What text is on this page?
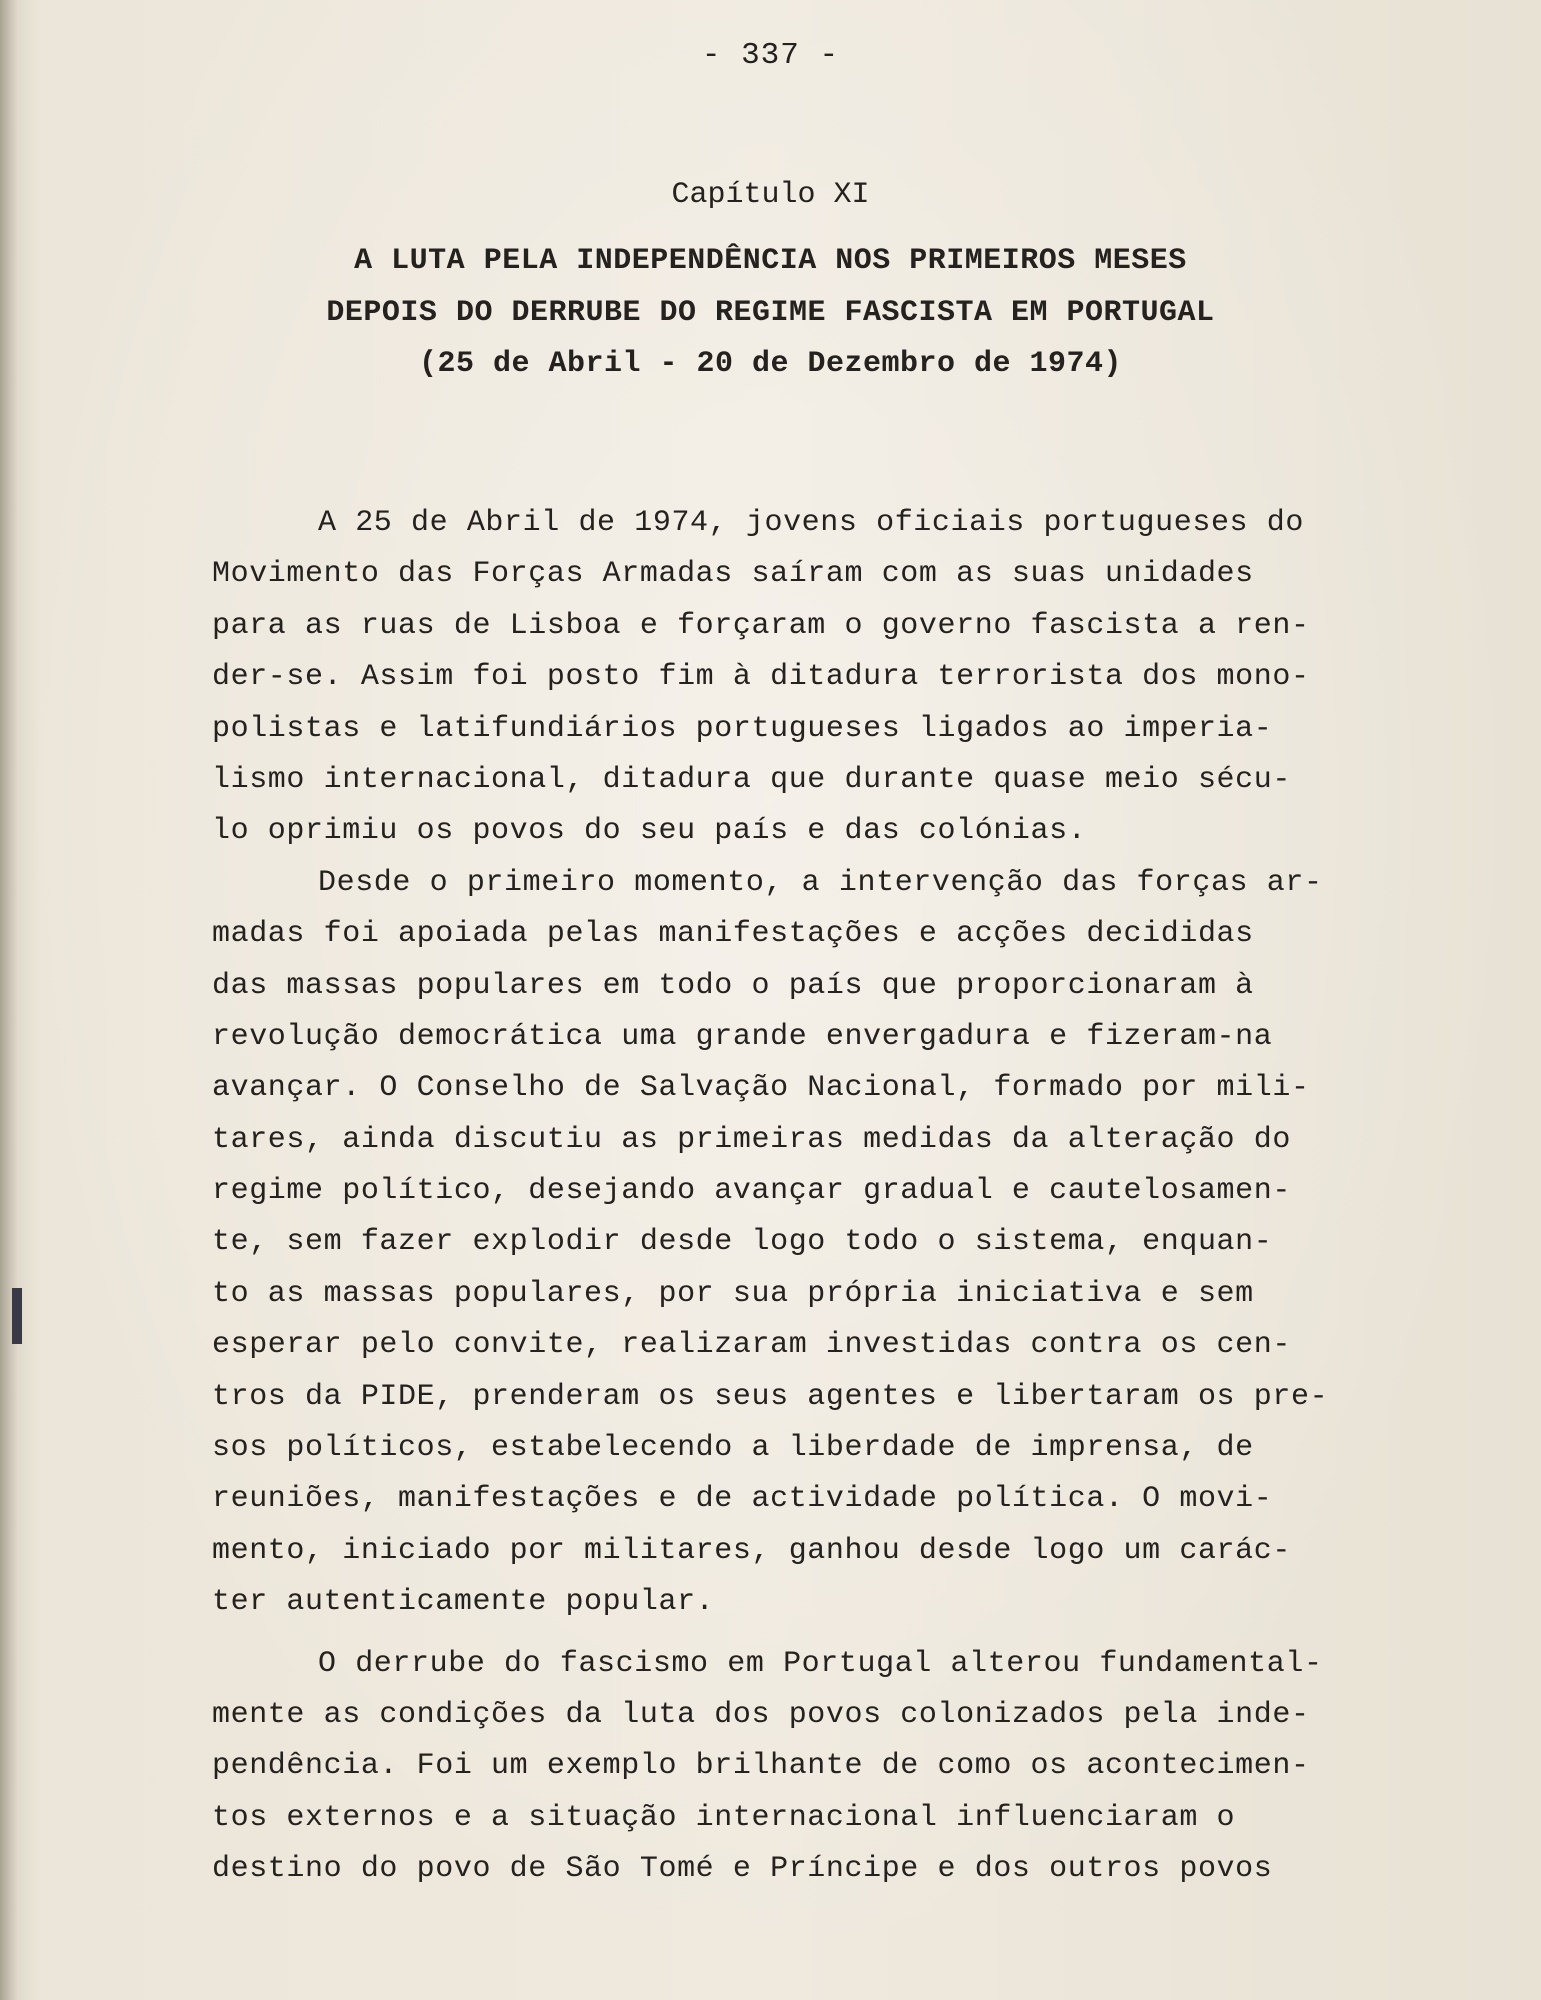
- 337 -
Capítulo XI
A LUTA PELA INDEPENDÊNCIA NOS PRIMEIROS MESES
DEPOIS DO DERRUBE DO REGIME FASCISTA EM PORTUGAL
(25 de Abril - 20 de Dezembro de 1974)
A 25 de Abril de 1974, jovens oficiais portugueses do
Movimento das Forças Armadas saíram com as suas unidades
para as ruas de Lisboa e forçaram o governo fascista a ren-
der-se. Assim foi posto fim à ditadura terrorista dos mono-
polistas e latifundiários portugueses ligados ao imperia-
lismo internacional, ditadura que durante quase meio sécu-
lo oprimiu os povos do seu país e das colónias.
Desde o primeiro momento, a intervenção das forças ar-
madas foi apoiada pelas manifestações e acções decididas
das massas populares em todo o país que proporcionaram à
revolução democrática uma grande envergadura e fizeram-na
avançar. O Conselho de Salvação Nacional, formado por mili-
tares, ainda discutiu as primeiras medidas da alteração do
regime político, desejando avançar gradual e cautelosamen-
te, sem fazer explodir desde logo todo o sistema, enquan-
to as massas populares, por sua própria iniciativa e sem
esperar pelo convite, realizaram investidas contra os cen-
tros da PIDE, prenderam os seus agentes e libertaram os pre-
sos políticos, estabelecendo a liberdade de imprensa, de
reuniões, manifestações e de actividade política. O movi-
mento, iniciado por militares, ganhou desde logo um carác-
ter autenticamente popular.
O derrube do fascismo em Portugal alterou fundamental-
mente as condições da luta dos povos colonizados pela inde-
pendência. Foi um exemplo brilhante de como os acontecimen-
tos externos e a situação internacional influenciaram o
destino do povo de São Tomé e Príncipe e dos outros povos
